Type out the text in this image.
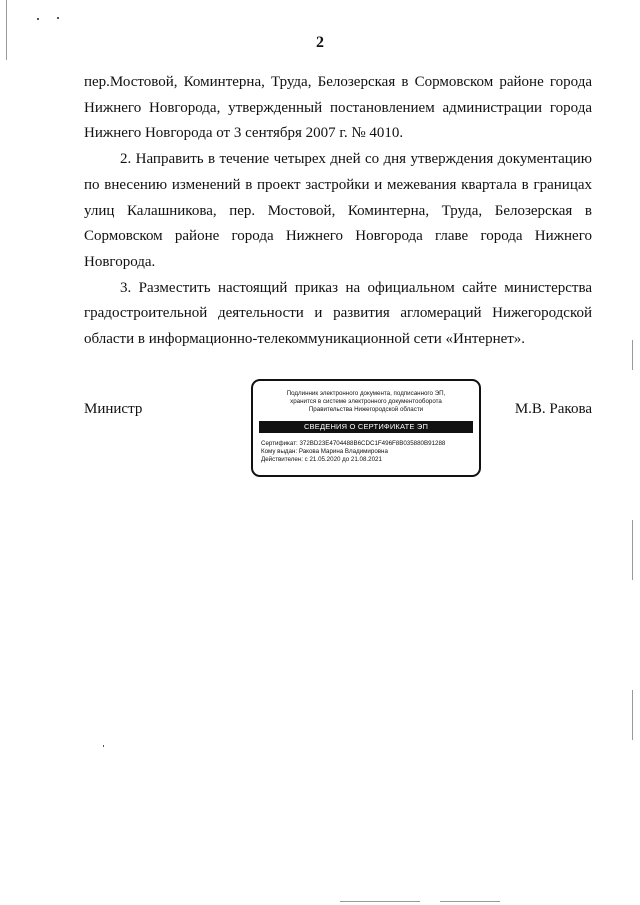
2

пер.Мостовой, Коминтерна, Труда, Белозерская в Сормовском районе города Нижнего Новгорода, утвержденный постановлением администрации города Нижнего Новгорода от 3 сентября 2007 г. № 4010.

2. Направить в течение четырех дней со дня утверждения документацию по внесению изменений в проект застройки и межевания квартала в границах улиц Калашникова, пер. Мостовой, Коминтерна, Труда, Белозерская в Сормовском районе города Нижнего Новгорода главе города Нижнего Новгорода.

3. Разместить настоящий приказ на официальном сайте министерства градостроительной деятельности и развития агломераций Нижегородской области в информационно-телекоммуникационной сети «Интернет».

Министр
Подлинник электронного документа, подписанного ЭП,
хранится в системе электронного документооборота
Правительства Нижегородской области
СВЕДЕНИЯ О СЕРТИФИКАТЕ ЭП
Сертификат: 372BD23E4704488B6CDC1F496F8B035880B91288
Кому выдан: Ракова Марина Владимировна
Действителен: с 21.05.2020 до 21.08.2021
М.В. Ракова
